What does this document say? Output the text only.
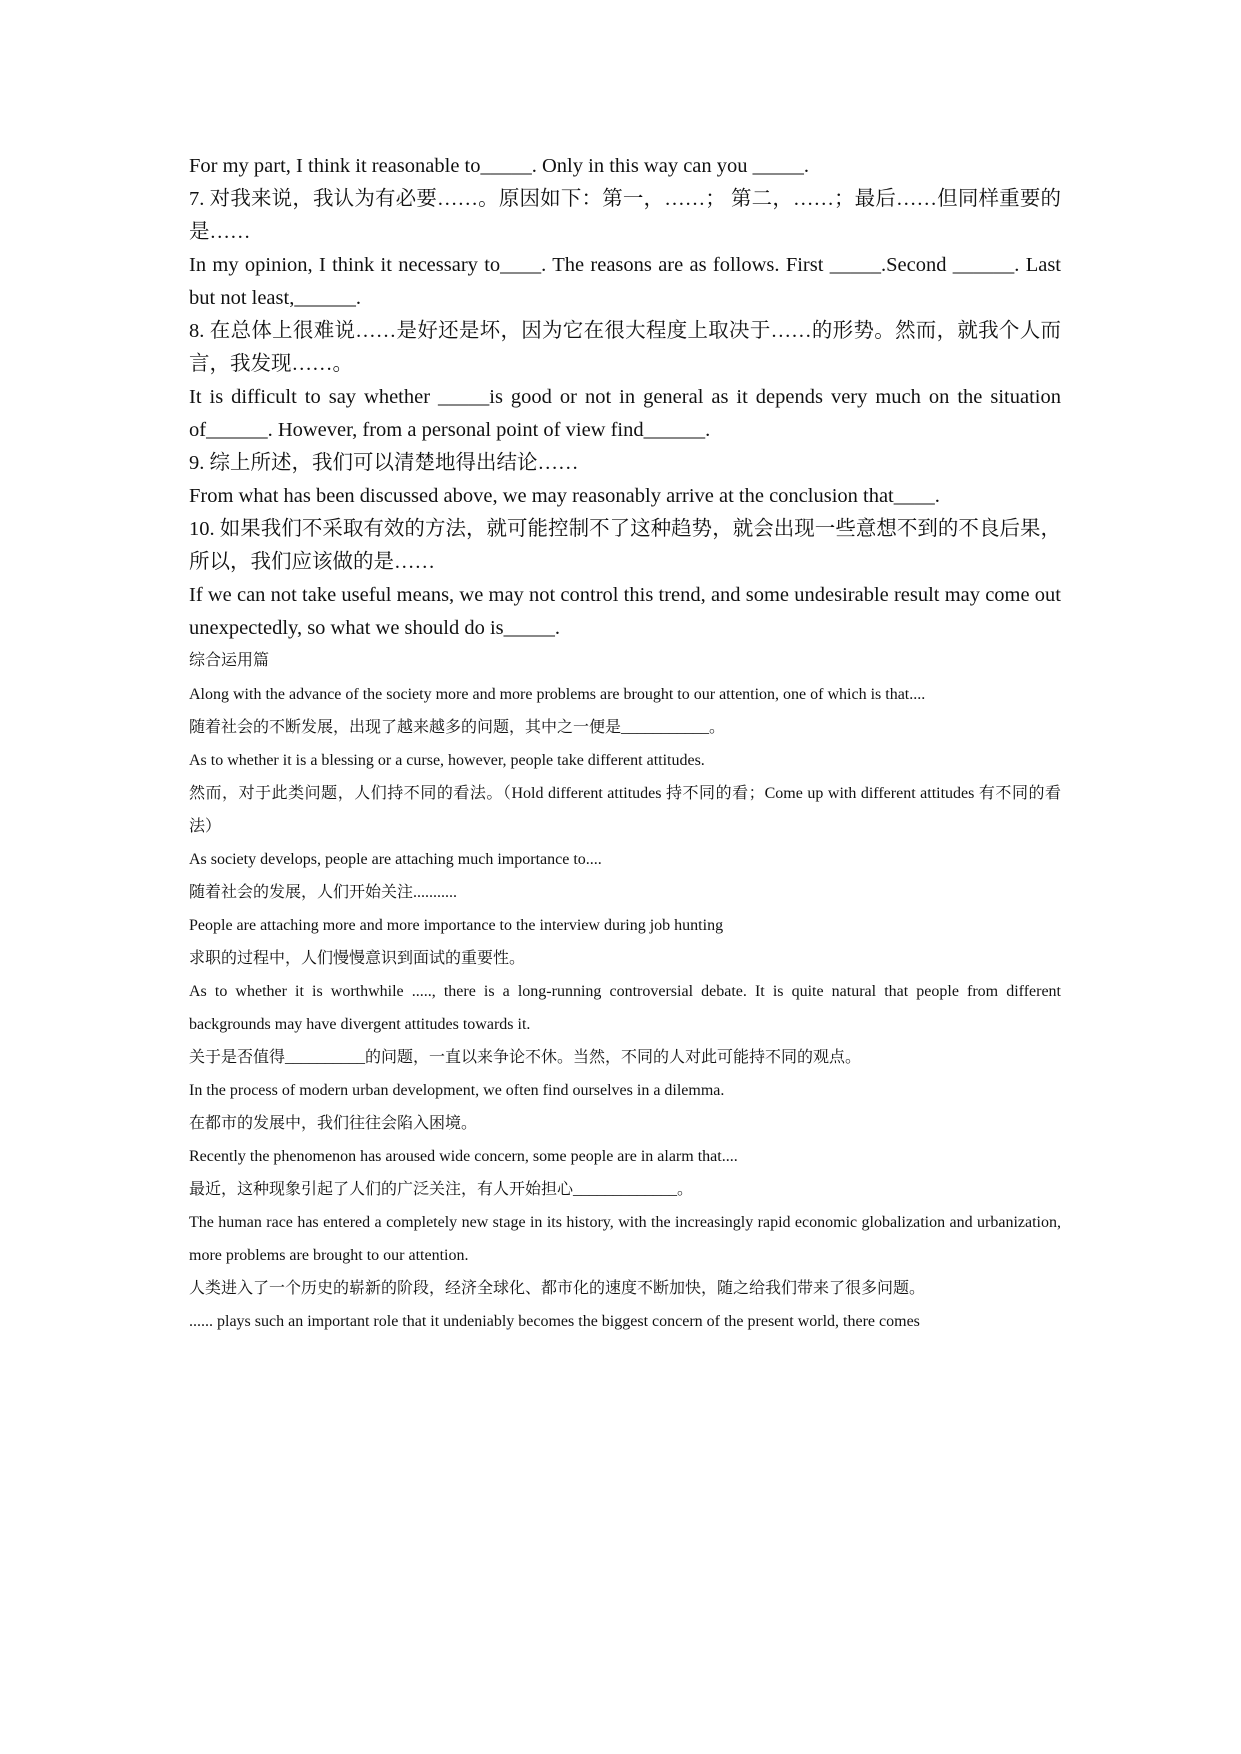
For my part, I think it reasonable to_____. Only in this way can you _____.

7. 对我来说，我认为有必要……。原因如下：第一，……； 第二，……；最后……但同样重要的是……

In my opinion, I think it necessary to____. The reasons are as follows. First _____.Second ______. Last but not least,______.

8. 在总体上很难说……是好还是坏，因为它在很大程度上取决于……的形势。然而，就我个人而言，我发现……。

It is difficult to say whether _____is good or not in general as it depends very much on the situation of______. However, from a personal point of view find______.

9. 综上所述，我们可以清楚地得出结论……

From what has been discussed above, we may reasonably arrive at the conclusion that____.

10. 如果我们不采取有效的方法，就可能控制不了这种趋势，就会出现一些意想不到的不良后果，所以，我们应该做的是……

If we can not take useful means, we may not control this trend, and some undesirable result may come out unexpectedly, so what we should do is_____.

综合运用篇

Along with the advance of the society more and more problems are brought to our attention, one of which is that....

随着社会的不断发展，出现了越来越多的问题，其中之一便是___________。

As to whether it is a blessing or a curse, however, people take different attitudes.

然而，对于此类问题，人们持不同的看法。（Hold different attitudes 持不同的看；Come up with different attitudes 有不同的看法）

As society develops, people are attaching much importance to....

随着社会的发展，人们开始关注...........

People are attaching more and more importance to the interview during job hunting

求职的过程中，人们慢慢意识到面试的重要性。

As to whether it is worthwhile ....., there is a long-running controversial debate. It is quite natural that people from different backgrounds may have divergent attitudes towards it.

关于是否值得__________的问题，一直以来争论不休。当然，不同的人对此可能持不同的观点。

In the process of modern urban development, we often find ourselves in a dilemma.

在都市的发展中，我们往往会陷入困境。

Recently the phenomenon has aroused wide concern, some people are in alarm that....

最近，这种现象引起了人们的广泛关注，有人开始担心_____________。

The human race has entered a completely new stage in its history, with the increasingly rapid economic globalization and urbanization, more problems are brought to our attention.

人类进入了一个历史的崭新的阶段，经济全球化、都市化的速度不断加快，随之给我们带来了很多问题。

...... plays such an important role that it undeniably becomes the biggest concern of the present world, there comes
